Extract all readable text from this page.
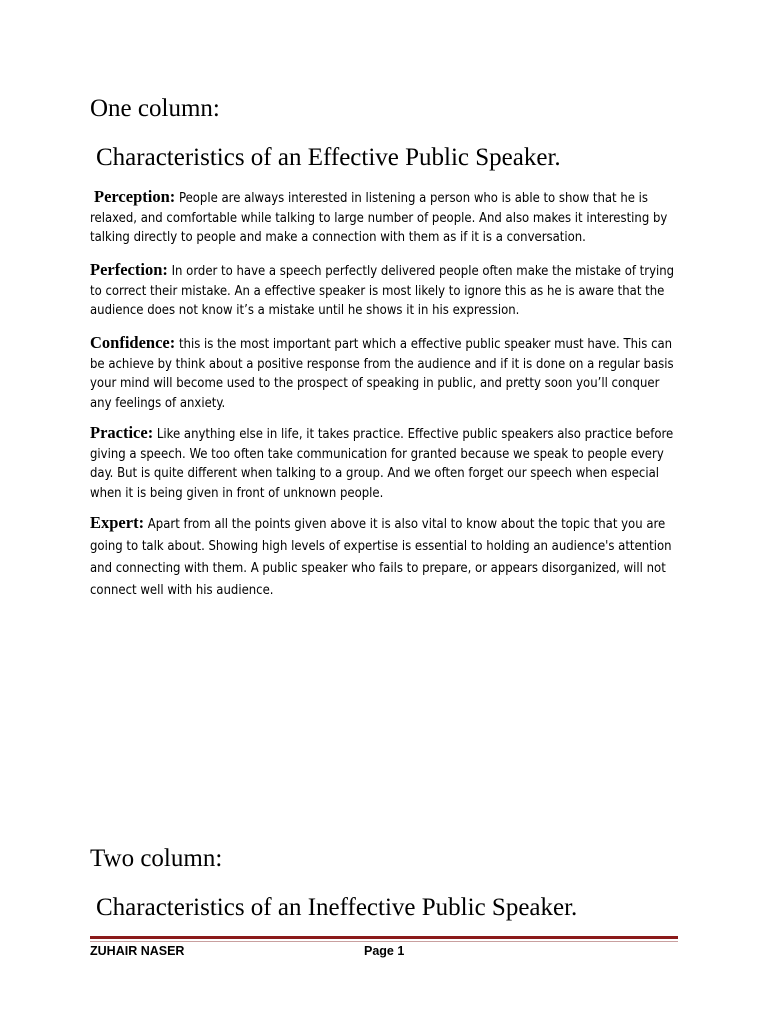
One column:
Characteristics of an Effective Public Speaker.

Perception: People are always interested in listening a person who is able to show that he is relaxed, and comfortable while talking to large number of people. And also makes it interesting by talking directly to people and make a connection with them as if it is a conversation.

Perfection: In order to have a speech perfectly delivered people often make the mistake of trying to correct their mistake. An a effective speaker is most likely to ignore this as he is aware that the audience does not know it’s a mistake until he shows it in his expression.

Confidence: this is the most important part which a effective public speaker must have. This can be achieve by think about a positive response from the audience and if it is done on a regular basis your mind will become used to the prospect of speaking in public, and pretty soon you’ll conquer any feelings of anxiety.

Practice: Like anything else in life, it takes practice. Effective public speakers also practice before giving a speech. We too often take communication for granted because we speak to people every day. But is quite different when talking to a group. And we often forget our speech when especial when it is being given in front of unknown people.

Expert: Apart from all the points given above it is also vital to know about the topic that you are going to talk about. Showing high levels of expertise is essential to holding an audience's attention and connecting with them. A public speaker who fails to prepare, or appears disorganized, will not connect well with his audience.

Two column:
Characteristics of an Ineffective Public Speaker.
ZUHAIR NASER	Page 1
